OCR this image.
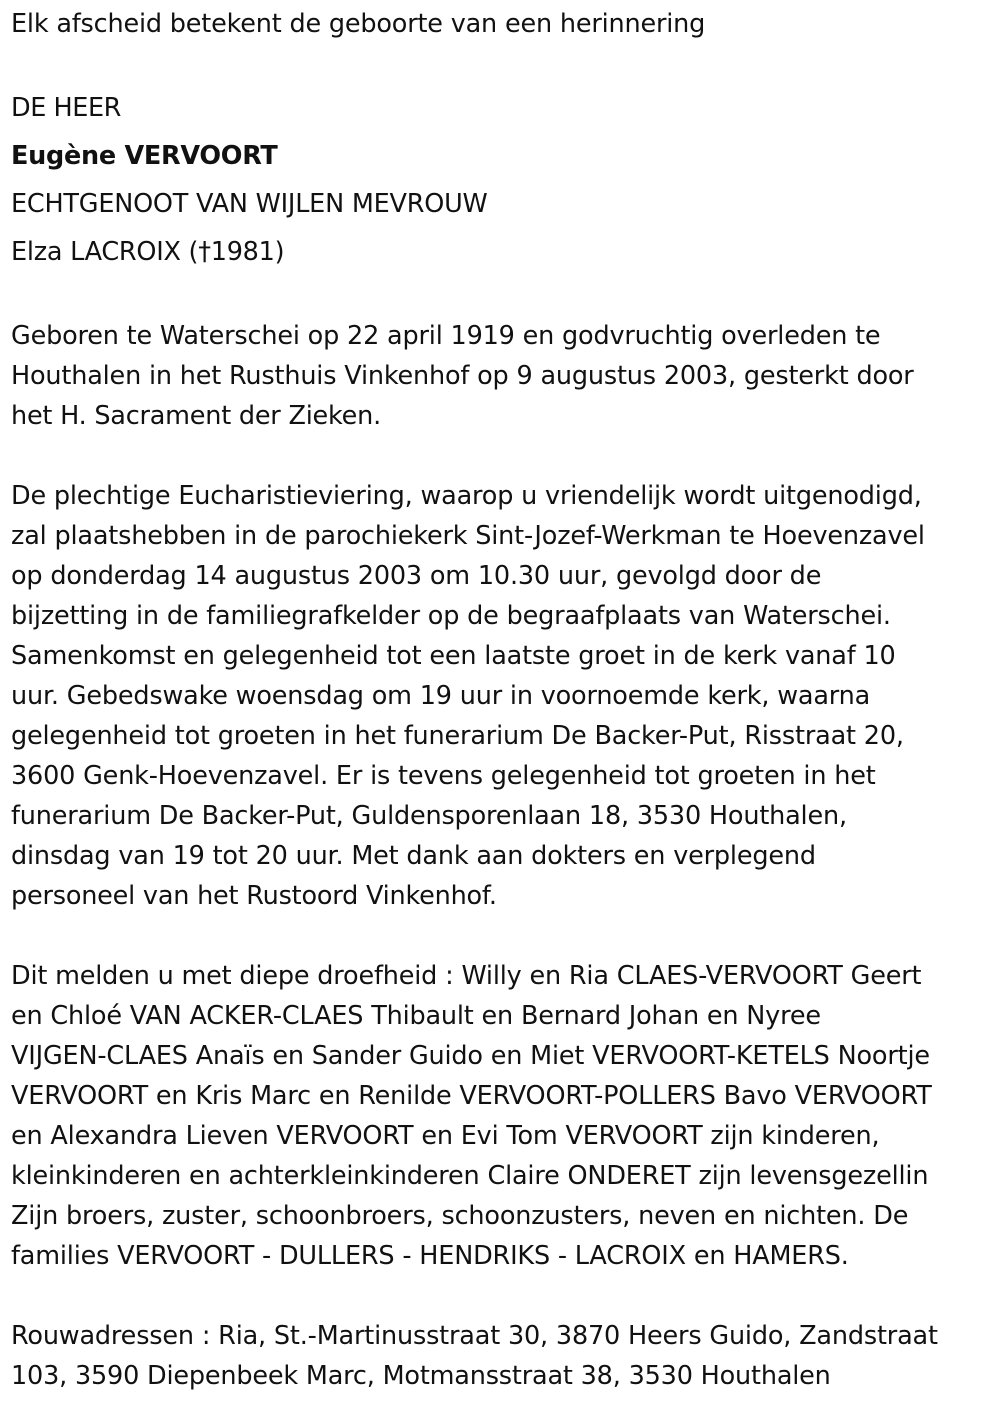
Elk afscheid betekent de geboorte van een herinnering
DE HEER
Eugène VERVOORT
ECHTGENOOT VAN WIJLEN MEVROUW
Elza LACROIX (†1981)
Geboren te Waterschei op 22 april 1919 en godvruchtig overleden te
Houthalen in het Rusthuis Vinkenhof op 9 augustus 2003, gesterkt door
het H. Sacrament der Zieken.
De plechtige Eucharistieviering, waarop u vriendelijk wordt uitgenodigd,
zal plaatshebben in de parochiekerk Sint-Jozef-Werkman te Hoevenzavel
op donderdag 14 augustus 2003 om 10.30 uur, gevolgd door de
bijzetting in de familiegrafkelder op de begraafplaats van Waterschei.
Samenkomst en gelegenheid tot een laatste groet in de kerk vanaf 10
uur. Gebedswake woensdag om 19 uur in voornoemde kerk, waarna
gelegenheid tot groeten in het funerarium De Backer-Put, Risstraat 20,
3600 Genk-Hoevenzavel. Er is tevens gelegenheid tot groeten in het
funerarium De Backer-Put, Guldensporenlaan 18, 3530 Houthalen,
dinsdag van 19 tot 20 uur. Met dank aan dokters en verplegend
personeel van het Rustoord Vinkenhof.
Dit melden u met diepe droefheid : Willy en Ria CLAES-VERVOORT Geert
en Chloé VAN ACKER-CLAES Thibault en Bernard Johan en Nyree
VIJGEN-CLAES Anaïs en Sander Guido en Miet VERVOORT-KETELS Noortje
VERVOORT en Kris Marc en Renilde VERVOORT-POLLERS Bavo VERVOORT
en Alexandra Lieven VERVOORT en Evi Tom VERVOORT zijn kinderen,
kleinkinderen en achterkleinkinderen Claire ONDERET zijn levensgezellin
Zijn broers, zuster, schoonbroers, schoonzusters, neven en nichten. De
families VERVOORT - DULLERS - HENDRIKS - LACROIX en HAMERS.
Rouwadressen : Ria, St.-Martinusstraat 30, 3870 Heers Guido, Zandstraat
103, 3590 Diepenbeek Marc, Motmansstraat 38, 3530 Houthalen
